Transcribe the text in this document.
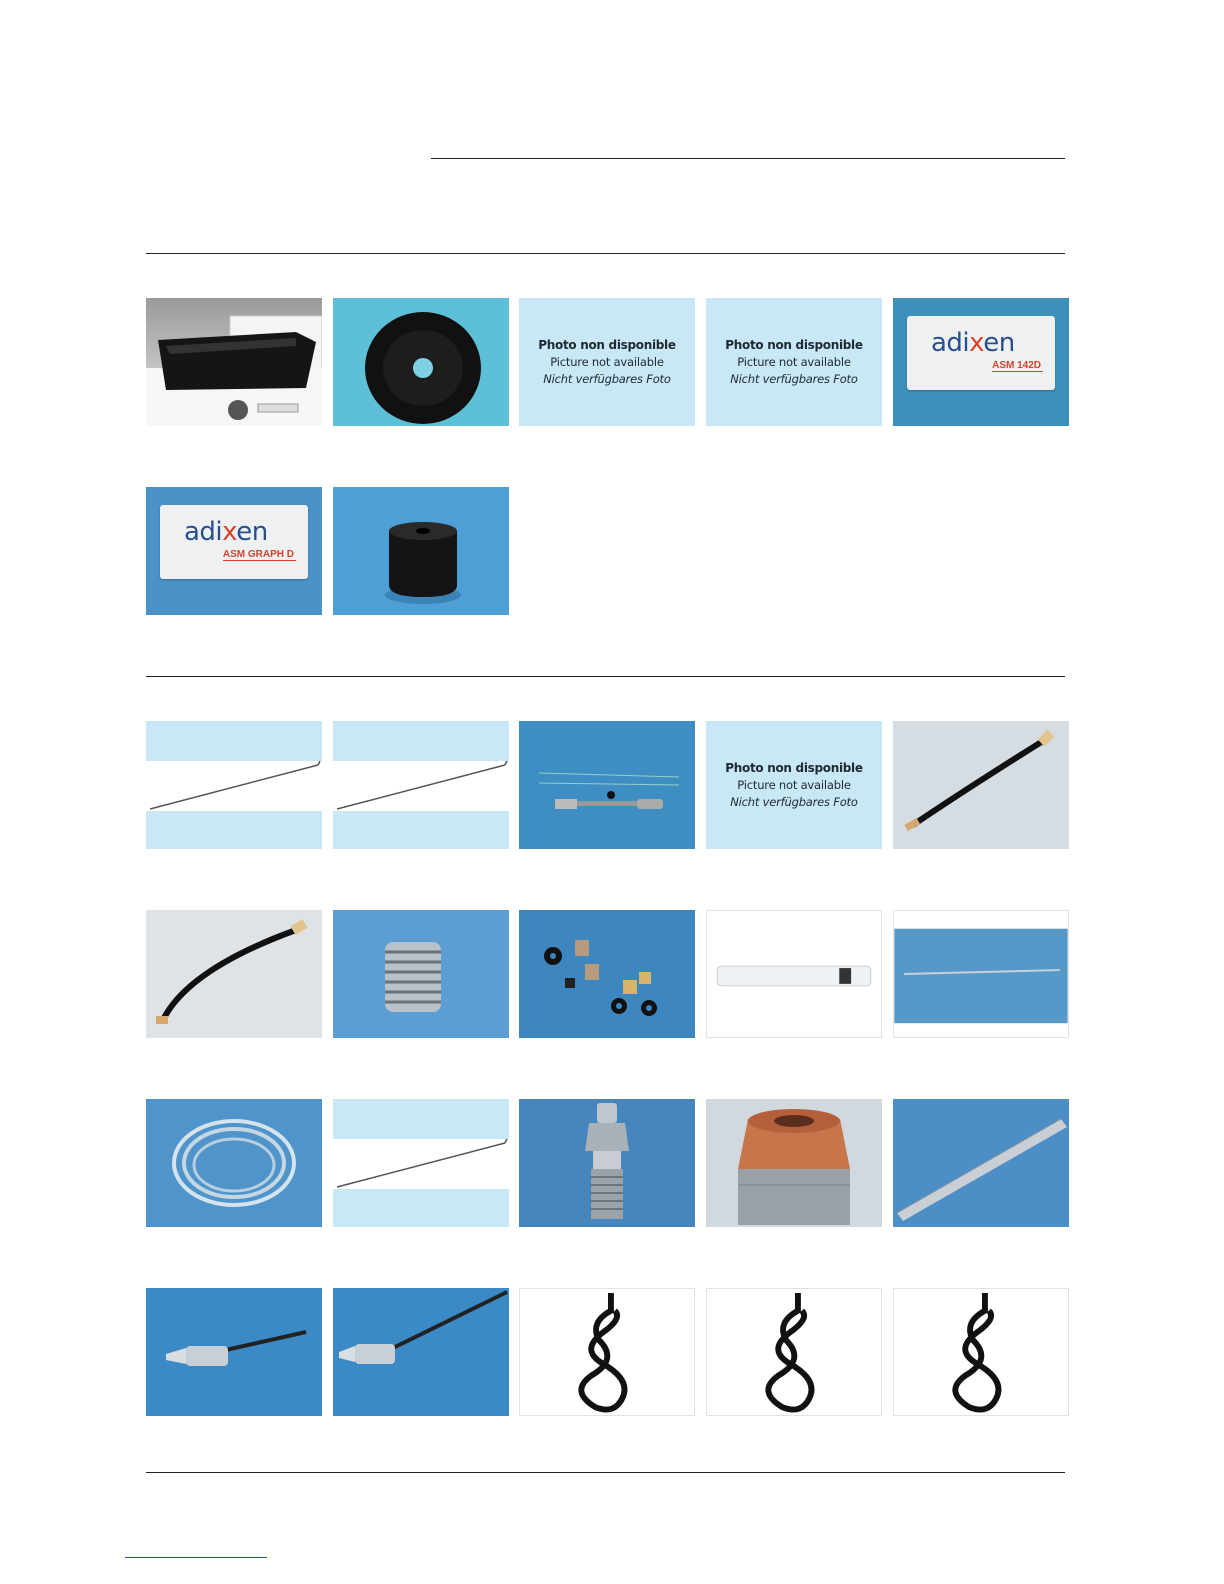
Photo non disponible
Picture not available
Nicht verfügbares Foto
Photo non disponible
Picture not available
Nicht verfügbares Foto
adixen
ASM 142D
adixen
ASM GRAPH D
Photo non disponible
Picture not available
Nicht verfügbares Foto
